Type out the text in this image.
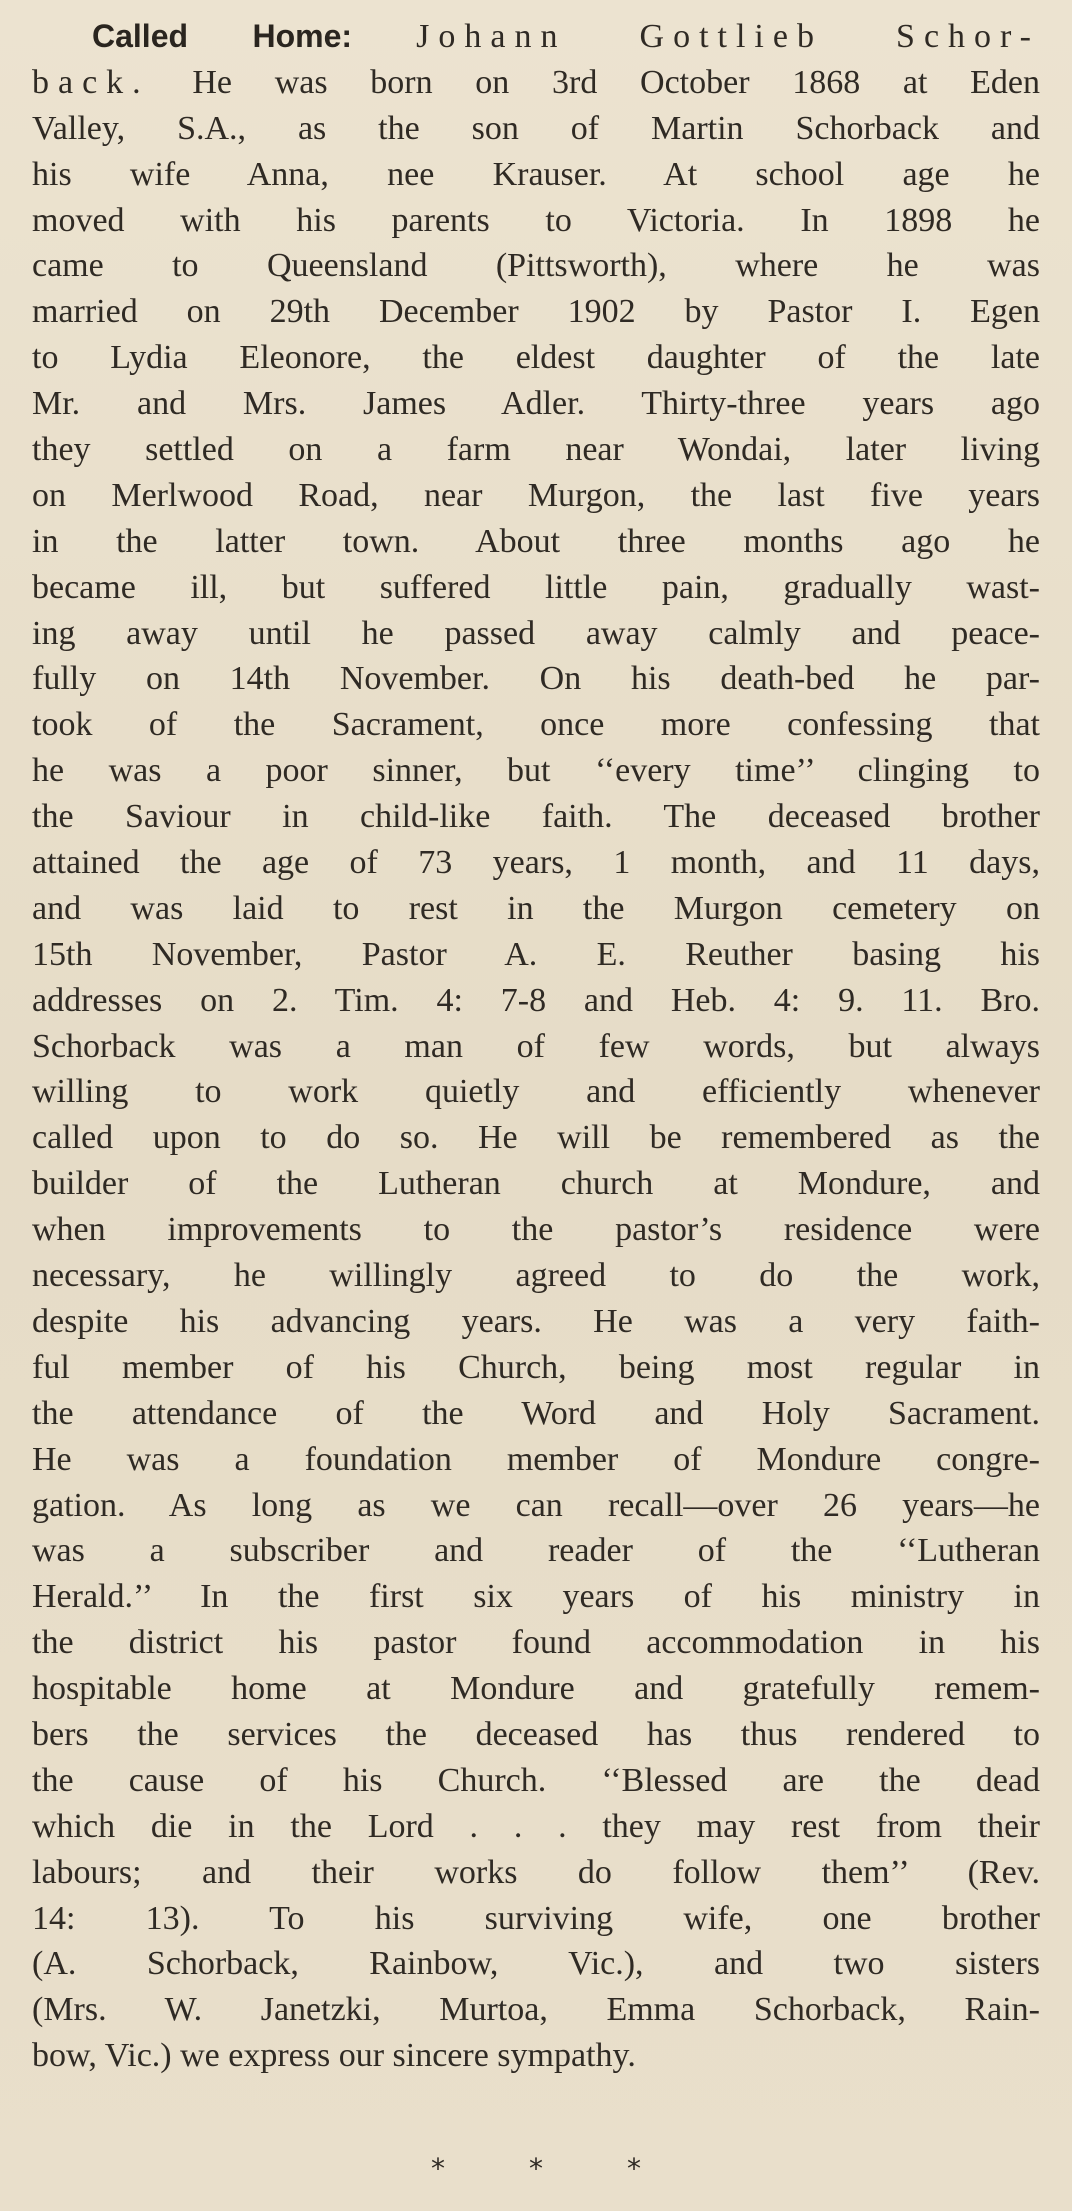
Called Home: Johann Gottlieb Schor-
back. He was born on 3rd October 1868 at Eden
Valley, S.A., as the son of Martin Schorback and
his wife Anna, nee Krauser. At school age he
moved with his parents to Victoria. In 1898 he
came to Queensland (Pittsworth), where he was
married on 29th December 1902 by Pastor I. Egen
to Lydia Eleonore, the eldest daughter of the late
Mr. and Mrs. James Adler. Thirty-three years ago
they settled on a farm near Wondai, later living
on Merlwood Road, near Murgon, the last five years
in the latter town. About three months ago he
became ill, but suffered little pain, gradually wast-
ing away until he passed away calmly and peace-
fully on 14th November. On his death-bed he par-
took of the Sacrament, once more confessing that
he was a poor sinner, but ‘‘every time’’ clinging to
the Saviour in child-like faith. The deceased brother
attained the age of 73 years, 1 month, and 11 days,
and was laid to rest in the Murgon cemetery on
15th November, Pastor A. E. Reuther basing his
addresses on 2. Tim. 4: 7-8 and Heb. 4: 9. 11. Bro.
Schorback was a man of few words, but always
willing to work quietly and efficiently whenever
called upon to do so. He will be remembered as the
builder of the Lutheran church at Mondure, and
when improvements to the pastor’s residence were
necessary, he willingly agreed to do the work,
despite his advancing years. He was a very faith-
ful member of his Church, being most regular in
the attendance of the Word and Holy Sacrament.
He was a foundation member of Mondure congre-
gation. As long as we can recall—over 26 years—he
was a subscriber and reader of the ‘‘Lutheran
Herald.’’ In the first six years of his ministry in
the district his pastor found accommodation in his
hospitable home at Mondure and gratefully remem-
bers the services the deceased has thus rendered to
the cause of his Church. ‘‘Blessed are the dead
which die in the Lord . . . they may rest from their
labours; and their works do follow them’’ (Rev.
14: 13). To his surviving wife, one brother
(A. Schorback, Rainbow, Vic.), and two sisters
(Mrs. W. Janetzki, Murtoa, Emma Schorback, Rain-
bow, Vic.) we express our sincere sympathy.
*	*	*
